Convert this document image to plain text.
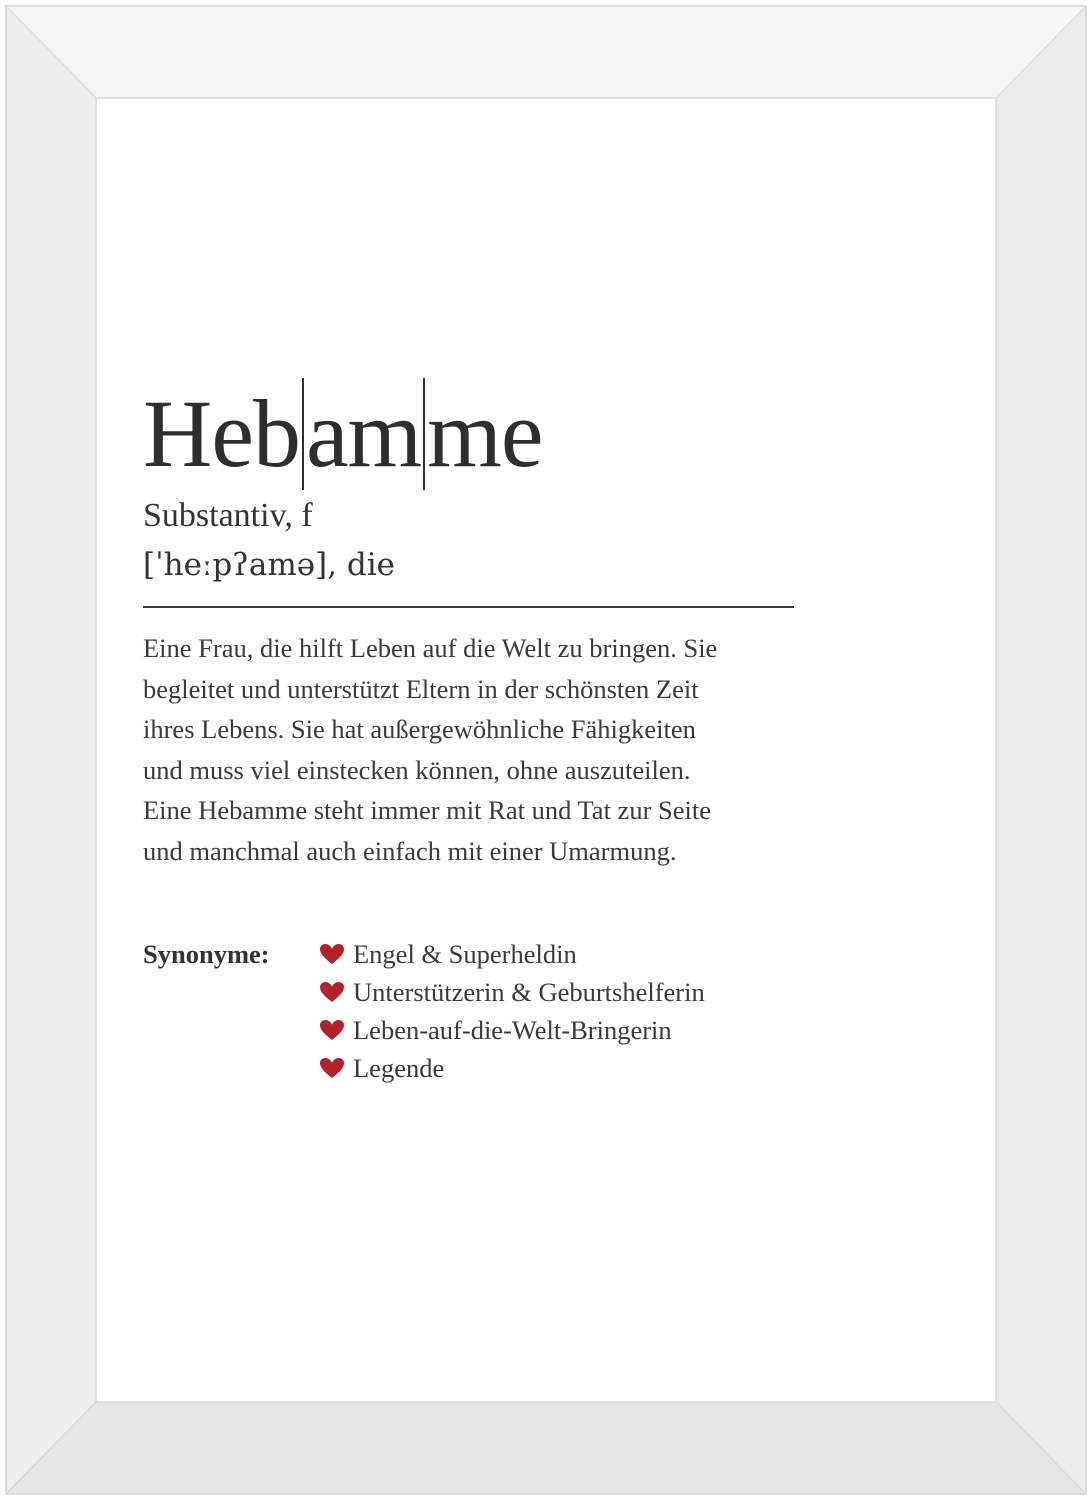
Hebamme
Substantiv, f
[ˈheːpʔamə], die
Eine Frau, die hilft Leben auf die Welt zu bringen. Sie
begleitet und unterstützt Eltern in der schönsten Zeit
ihres Lebens. Sie hat außergewöhnliche Fähigkeiten
und muss viel einstecken können, ohne auszuteilen.
Eine Hebamme steht immer mit Rat und Tat zur Seite
und manchmal auch einfach mit einer Umarmung.
Synonyme:	Engel & Superheldin
Unterstützerin & Geburtshelferin
Leben-auf-die-Welt-Bringerin
Legende
